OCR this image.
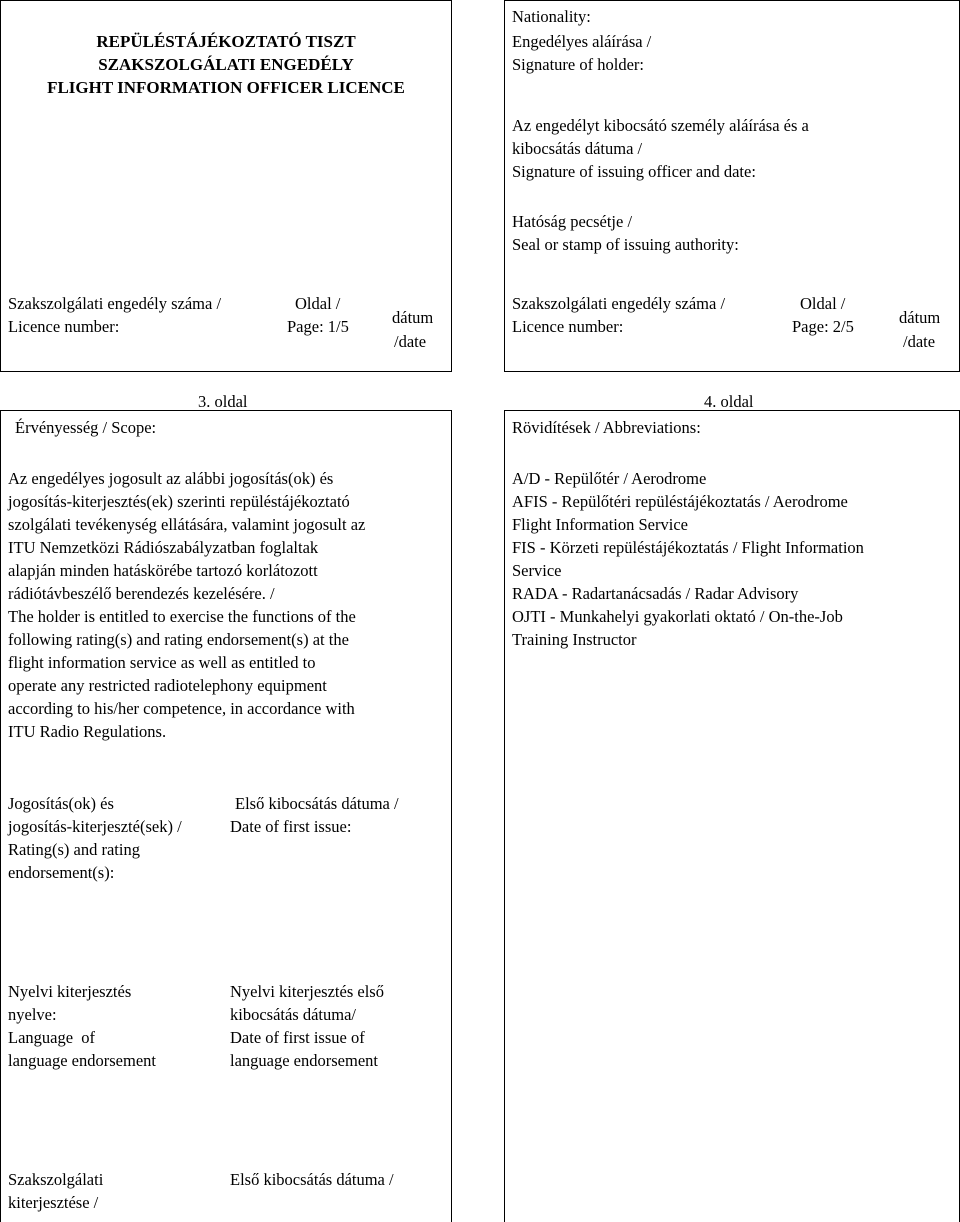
REPÜLÉSTÁJÉKOZTATÓ TISZT
SZAKSZOLGÁLATI ENGEDÉLY
FLIGHT INFORMATION OFFICER LICENCE
Szakszolgálati engedély száma /
Licence number:
Oldal /
Page: 1/5	dátum
/date
Nationality:
Engedélyes aláírása /
Signature of holder:
Az engedélyt kibocsátó személy aláírása és a
kibocsátás dátuma /
Signature of issuing officer and date:
Hatóság pecsétje /
Seal or stamp of issuing authority:
Szakszolgálati engedély száma /
Licence number:
Oldal /
Page: 2/5	dátum
/date
3. oldal
Érvényesség / Scope:
Az engedélyes jogosult az alábbi jogosítás(ok) és
jogosítás-kiterjesztés(ek) szerinti repüléstájékoztató
szolgálati tevékenység ellátására, valamint jogosult az
ITU Nemzetközi Rádiószabályzatban foglaltak
alapján minden hatáskörébe tartozó korlátozott
rádiótávbeszélő berendezés kezelésére. /
The holder is entitled to exercise the functions of the
following rating(s) and rating endorsement(s) at the
flight information service as well as entitled to
operate any restricted radiotelephony equipment
according to his/her competence, in accordance with
ITU Radio Regulations.
Jogosítás(ok) és
jogosítás-kiterjeszté(sek) /
Rating(s) and rating
endorsement(s):
Első kibocsátás dátuma /
Date of first issue:
Nyelvi kiterjesztés
nyelve:
Language  of
language endorsement
Nyelvi kiterjesztés első
kibocsátás dátuma/
Date of first issue of
language endorsement
Szakszolgálati
kiterjesztése /
Első kibocsátás dátuma /
4. oldal
Rövidítések / Abbreviations:
A/D - Repülőtér / Aerodrome
AFIS - Repülőtéri repüléstájékoztatás / Aerodrome
Flight Information Service
FIS - Körzeti repüléstájékoztatás / Flight Information
Service
RADA - Radartanácsadás / Radar Advisory
OJTI - Munkahelyi gyakorlati oktató / On-the-Job
Training Instructor
